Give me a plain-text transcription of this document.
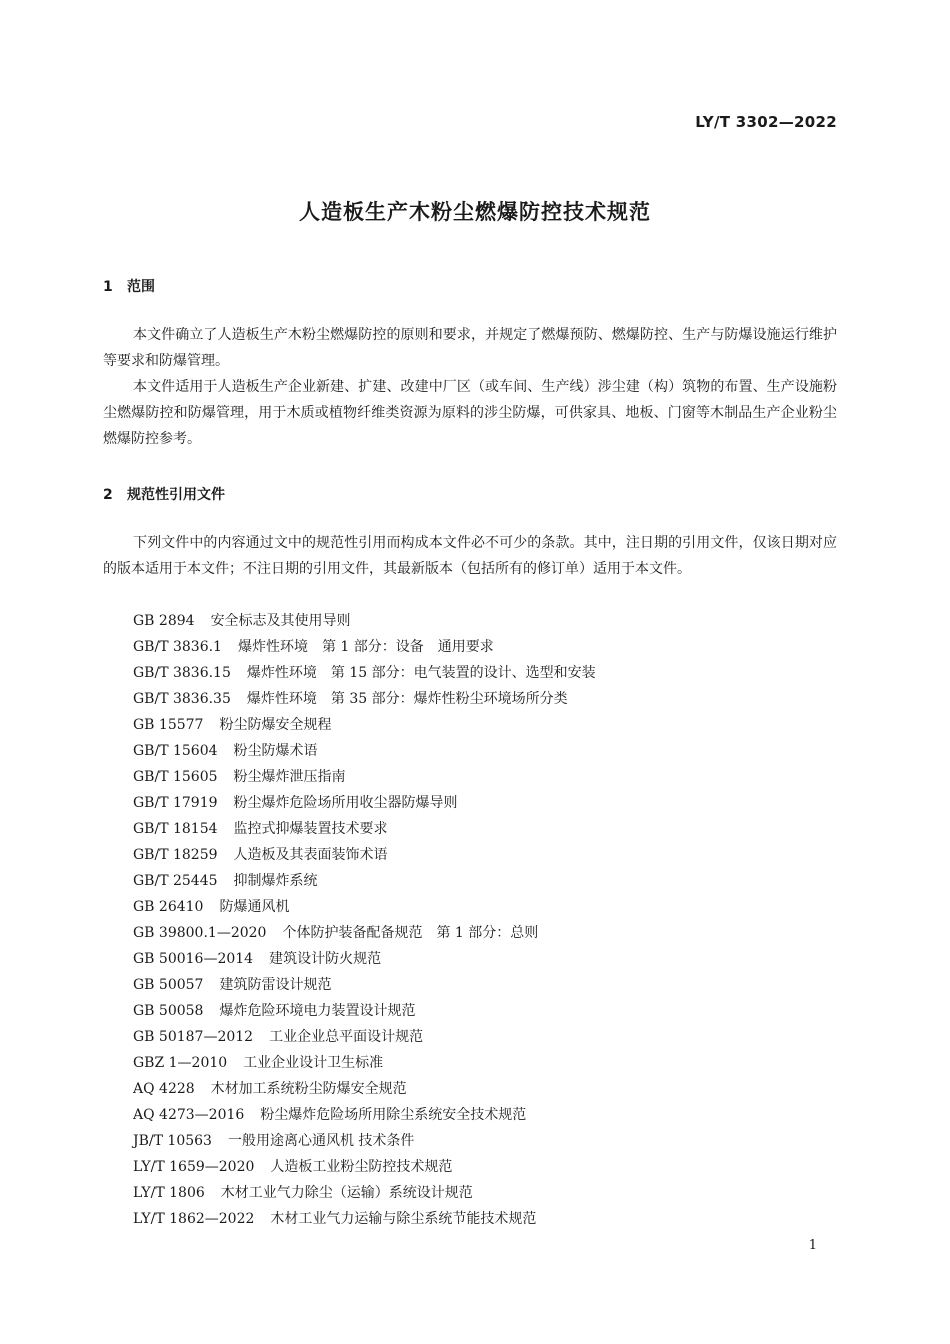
LY/T 3302—2022
人造板生产木粉尘燃爆防控技术规范
1 范围

本文件确立了人造板生产木粉尘燃爆防控的原则和要求，并规定了燃爆预防、燃爆防控、生产与防爆设施运行维护等要求和防爆管理。

本文件适用于人造板生产企业新建、扩建、改建中厂区（或车间、生产线）涉尘建（构）筑物的布置、生产设施粉尘燃爆防控和防爆管理，用于木质或植物纤维类资源为原料的涉尘防爆，可供家具、地板、门窗等木制品生产企业粉尘燃爆防控参考。

2 规范性引用文件

下列文件中的内容通过文中的规范性引用而构成本文件必不可少的条款。其中，注日期的引用文件，仅该日期对应的版本适用于本文件；不注日期的引用文件，其最新版本（包括所有的修订单）适用于本文件。

GB 2894 安全标志及其使用导则
GB/T 3836.1 爆炸性环境　第 1 部分：设备　通用要求
GB/T 3836.15 爆炸性环境　第 15 部分：电气装置的设计、选型和安装
GB/T 3836.35 爆炸性环境　第 35 部分：爆炸性粉尘环境场所分类
GB 15577 粉尘防爆安全规程
GB/T 15604 粉尘防爆术语
GB/T 15605 粉尘爆炸泄压指南
GB/T 17919 粉尘爆炸危险场所用收尘器防爆导则
GB/T 18154 监控式抑爆装置技术要求
GB/T 18259 人造板及其表面装饰术语
GB/T 25445 抑制爆炸系统
GB 26410 防爆通风机
GB 39800.1—2020 个体防护装备配备规范　第 1 部分：总则
GB 50016—2014 建筑设计防火规范
GB 50057 建筑防雷设计规范
GB 50058 爆炸危险环境电力装置设计规范
GB 50187—2012 工业企业总平面设计规范
GBZ 1—2010 工业企业设计卫生标准
AQ 4228 木材加工系统粉尘防爆安全规范
AQ 4273—2016 粉尘爆炸危险场所用除尘系统安全技术规范
JB/T 10563 一般用途离心通风机 技术条件
LY/T 1659—2020 人造板工业粉尘防控技术规范
LY/T 1806 木材工业气力除尘（运输）系统设计规范
LY/T 1862—2022 木材工业气力运输与除尘系统节能技术规范
1
